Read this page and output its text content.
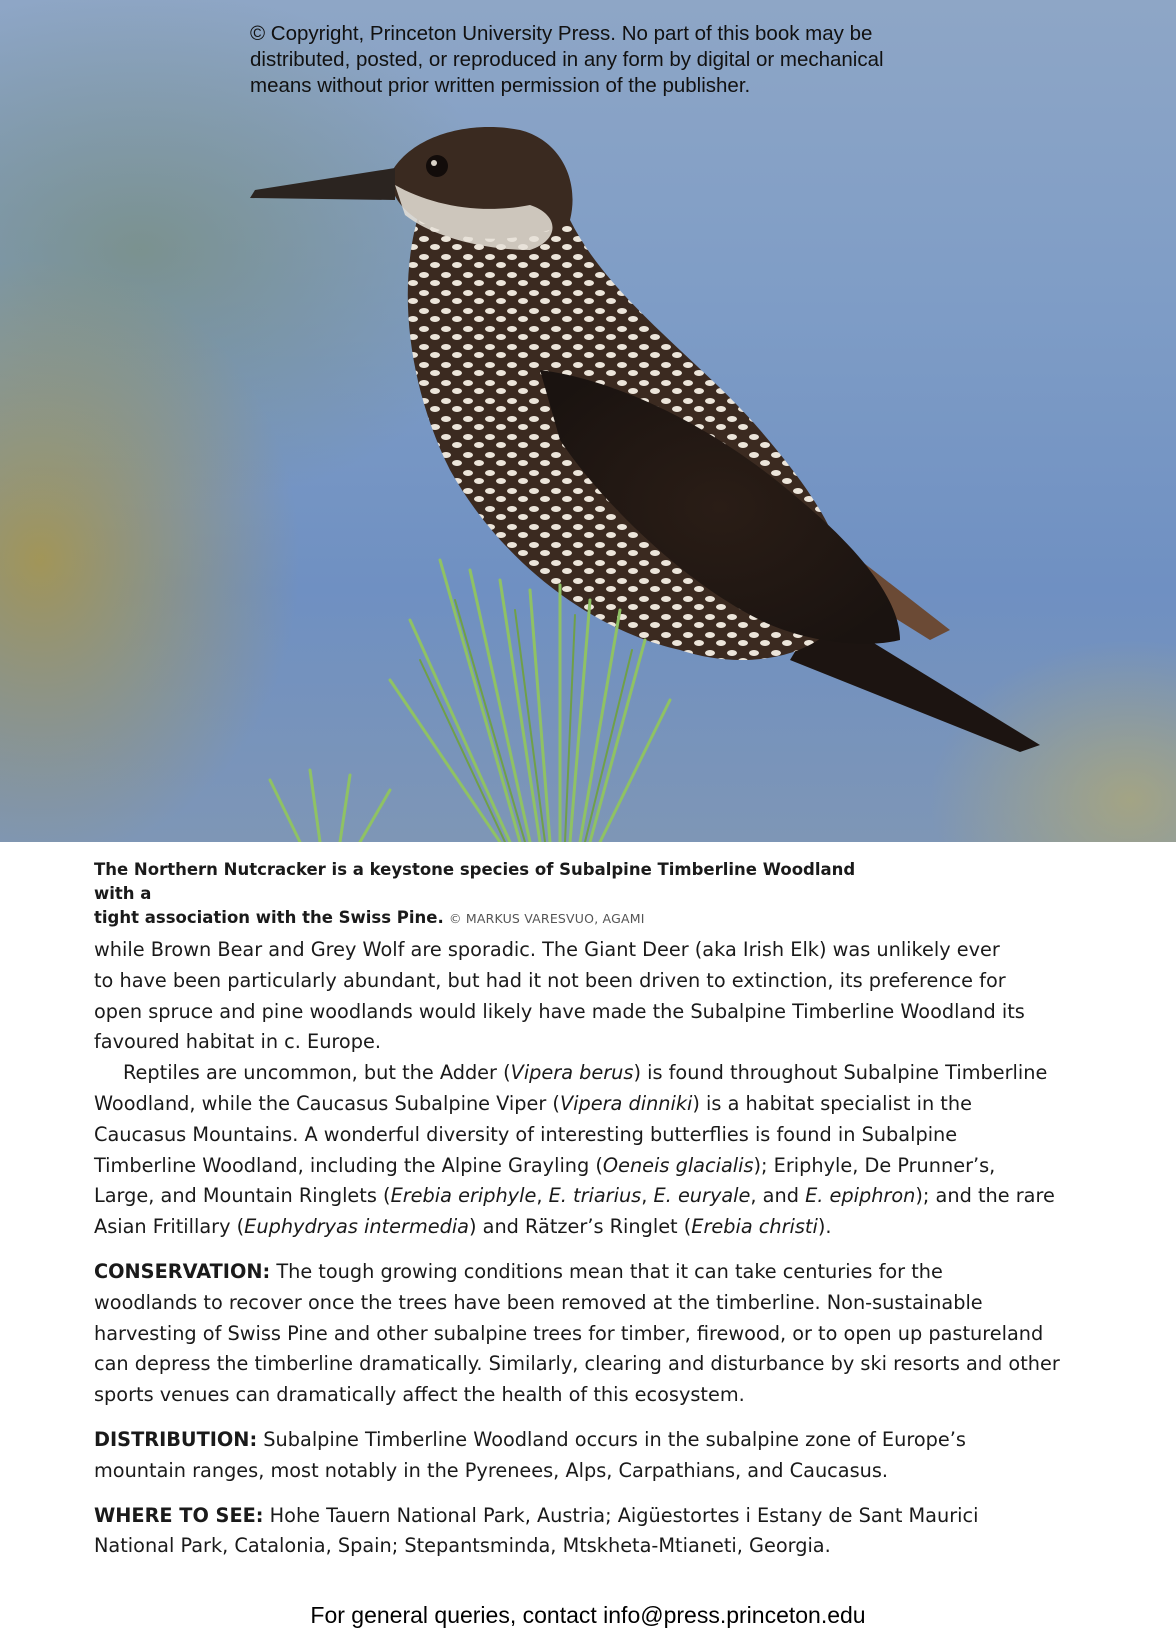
© Copyright, Princeton University Press. No part of this book may be
distributed, posted, or reproduced in any form by digital or mechanical
means without prior written permission of the publisher.
The Northern Nutcracker is a keystone species of Subalpine Timberline Woodland with a
tight association with the Swiss Pine. © MARKUS VARESVUO, AGAMI

while Brown Bear and Grey Wolf are sporadic. The Giant Deer (aka Irish Elk) was unlikely ever
to have been particularly abundant, but had it not been driven to extinction, its preference for
open spruce and pine woodlands would likely have made the Subalpine Timberline Woodland its
favoured habitat in c. Europe.

Reptiles are uncommon, but the Adder (Vipera berus) is found throughout Subalpine Timberline
Woodland, while the Caucasus Subalpine Viper (Vipera dinniki) is a habitat specialist in the
Caucasus Mountains. A wonderful diversity of interesting butterflies is found in Subalpine
Timberline Woodland, including the Alpine Grayling (Oeneis glacialis); Eriphyle, De Prunner’s,
Large, and Mountain Ringlets (Erebia eriphyle, E. triarius, E. euryale, and E. epiphron); and the rare
Asian Fritillary (Euphydryas intermedia) and Rätzer’s Ringlet (Erebia christi).

CONSERVATION: The tough growing conditions mean that it can take centuries for the
woodlands to recover once the trees have been removed at the timberline. Non-sustainable
harvesting of Swiss Pine and other subalpine trees for timber, firewood, or to open up pastureland
can depress the timberline dramatically. Similarly, clearing and disturbance by ski resorts and other
sports venues can dramatically affect the health of this ecosystem.

DISTRIBUTION: Subalpine Timberline Woodland occurs in the subalpine zone of Europe’s
mountain ranges, most notably in the Pyrenees, Alps, Carpathians, and Caucasus.

WHERE TO SEE: Hohe Tauern National Park, Austria; Aigüestortes i Estany de Sant Maurici
National Park, Catalonia, Spain; Stepantsminda, Mtskheta-Mtianeti, Georgia.

For general queries, contact info@press.princeton.edu
